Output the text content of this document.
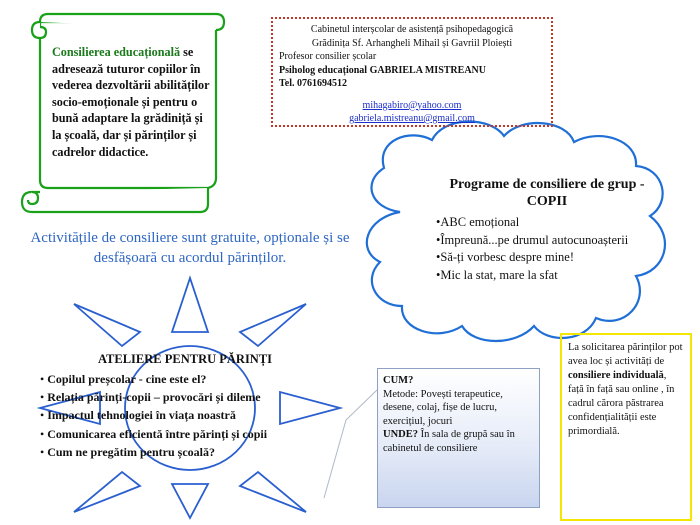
Consilierea educațională se adresează tuturor copiilor în vederea dezvoltării abilităților socio-emoționale și pentru o bună adaptare la grădiniță și la școală, dar și părinților și cadrelor didactice.
Cabinetul interșcolar de asistență psihopedagogică
Grădinița Sf. Arhangheli Mihail și Gavriil Ploiești
Profesor consilier școlar
Psiholog educațional GABRIELA MISTREANU
Tel. 0761694512
mihagabiro@yahoo.com
gabriela.mistreanu@gmail.com
Programe de consiliere de grup - COPII
•ABC emoțional
•Împreună...pe drumul autocunoașterii
•Să-ți vorbesc despre mine!
•Mic la stat, mare la sfat
Activitățile de consiliere sunt gratuite, opționale și se desfășoară cu acordul părinților.
ATELIERE PENTRU PĂRINȚI
• Copilul preșcolar - cine este el?
• Relația părinți-copii – provocări și dileme
• Impactul tehnologiei în viața noastră
• Comunicarea eficientă între părinți și copii
• Cum ne pregătim pentru școală?
CUM?
Metode: Povești terapeutice, desene, colaj, fișe de lucru, exercițiul, jocuri
UNDE? În sala de grupă sau în cabinetul de consiliere
La solicitarea părinților pot avea loc și activități de consiliere individuală, față în față sau online , în cadrul cărora păstrarea confidențialității este primordială.
